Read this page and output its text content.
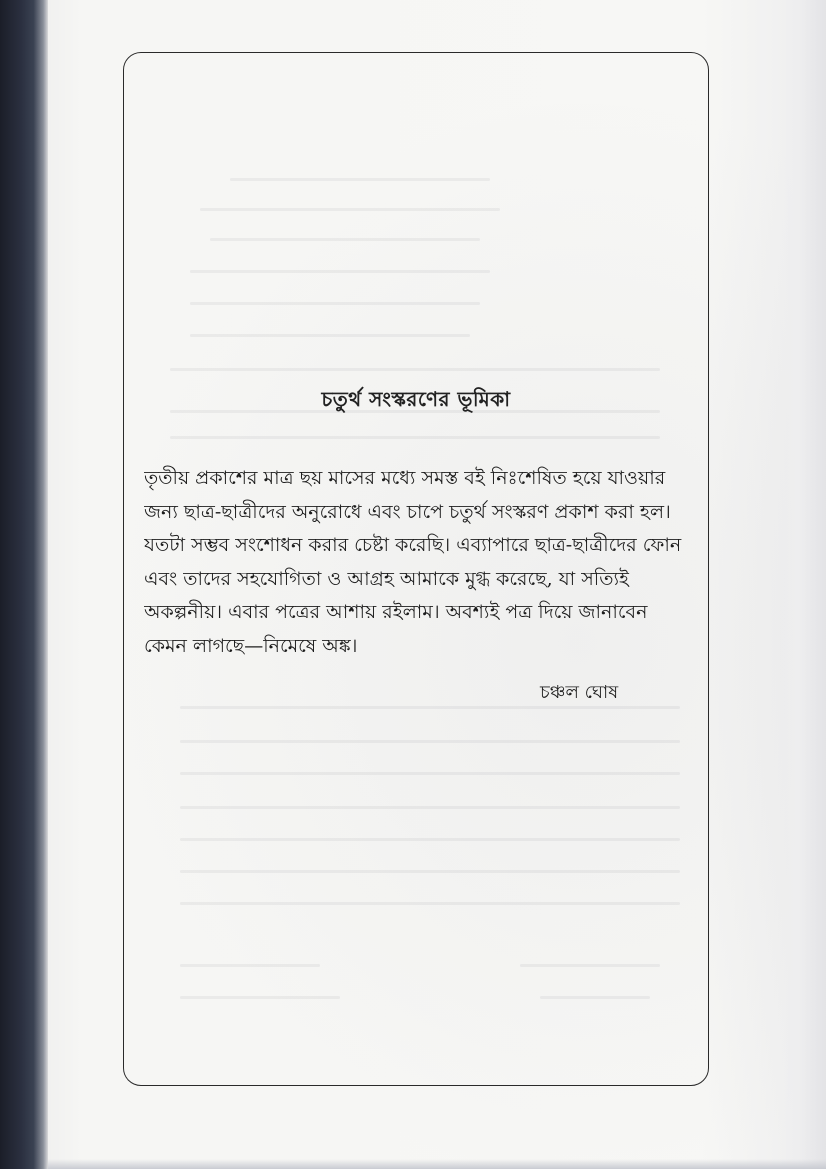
চতুর্থ সংস্করণের ভূমিকা

তৃতীয় প্রকাশের মাত্র ছয় মাসের মধ্যে সমস্ত বই নিঃশেষিত হয়ে যাওয়ার
জন্য ছাত্র-ছাত্রীদের অনুরোধে এবং চাপে চতুর্থ সংস্করণ প্রকাশ করা হল।
যতটা সম্ভব সংশোধন করার চেষ্টা করেছি। এব্যাপারে ছাত্র-ছাত্রীদের ফোন
এবং তাদের সহযোগিতা ও আগ্রহ আমাকে মুগ্ধ করেছে, যা সত্যিই
অকল্পনীয়। এবার পত্রের আশায় রইলাম। অবশ্যই পত্র দিয়ে জানাবেন
কেমন লাগছে—নিমেষে অঙ্ক।

চঞ্চল ঘোষ
